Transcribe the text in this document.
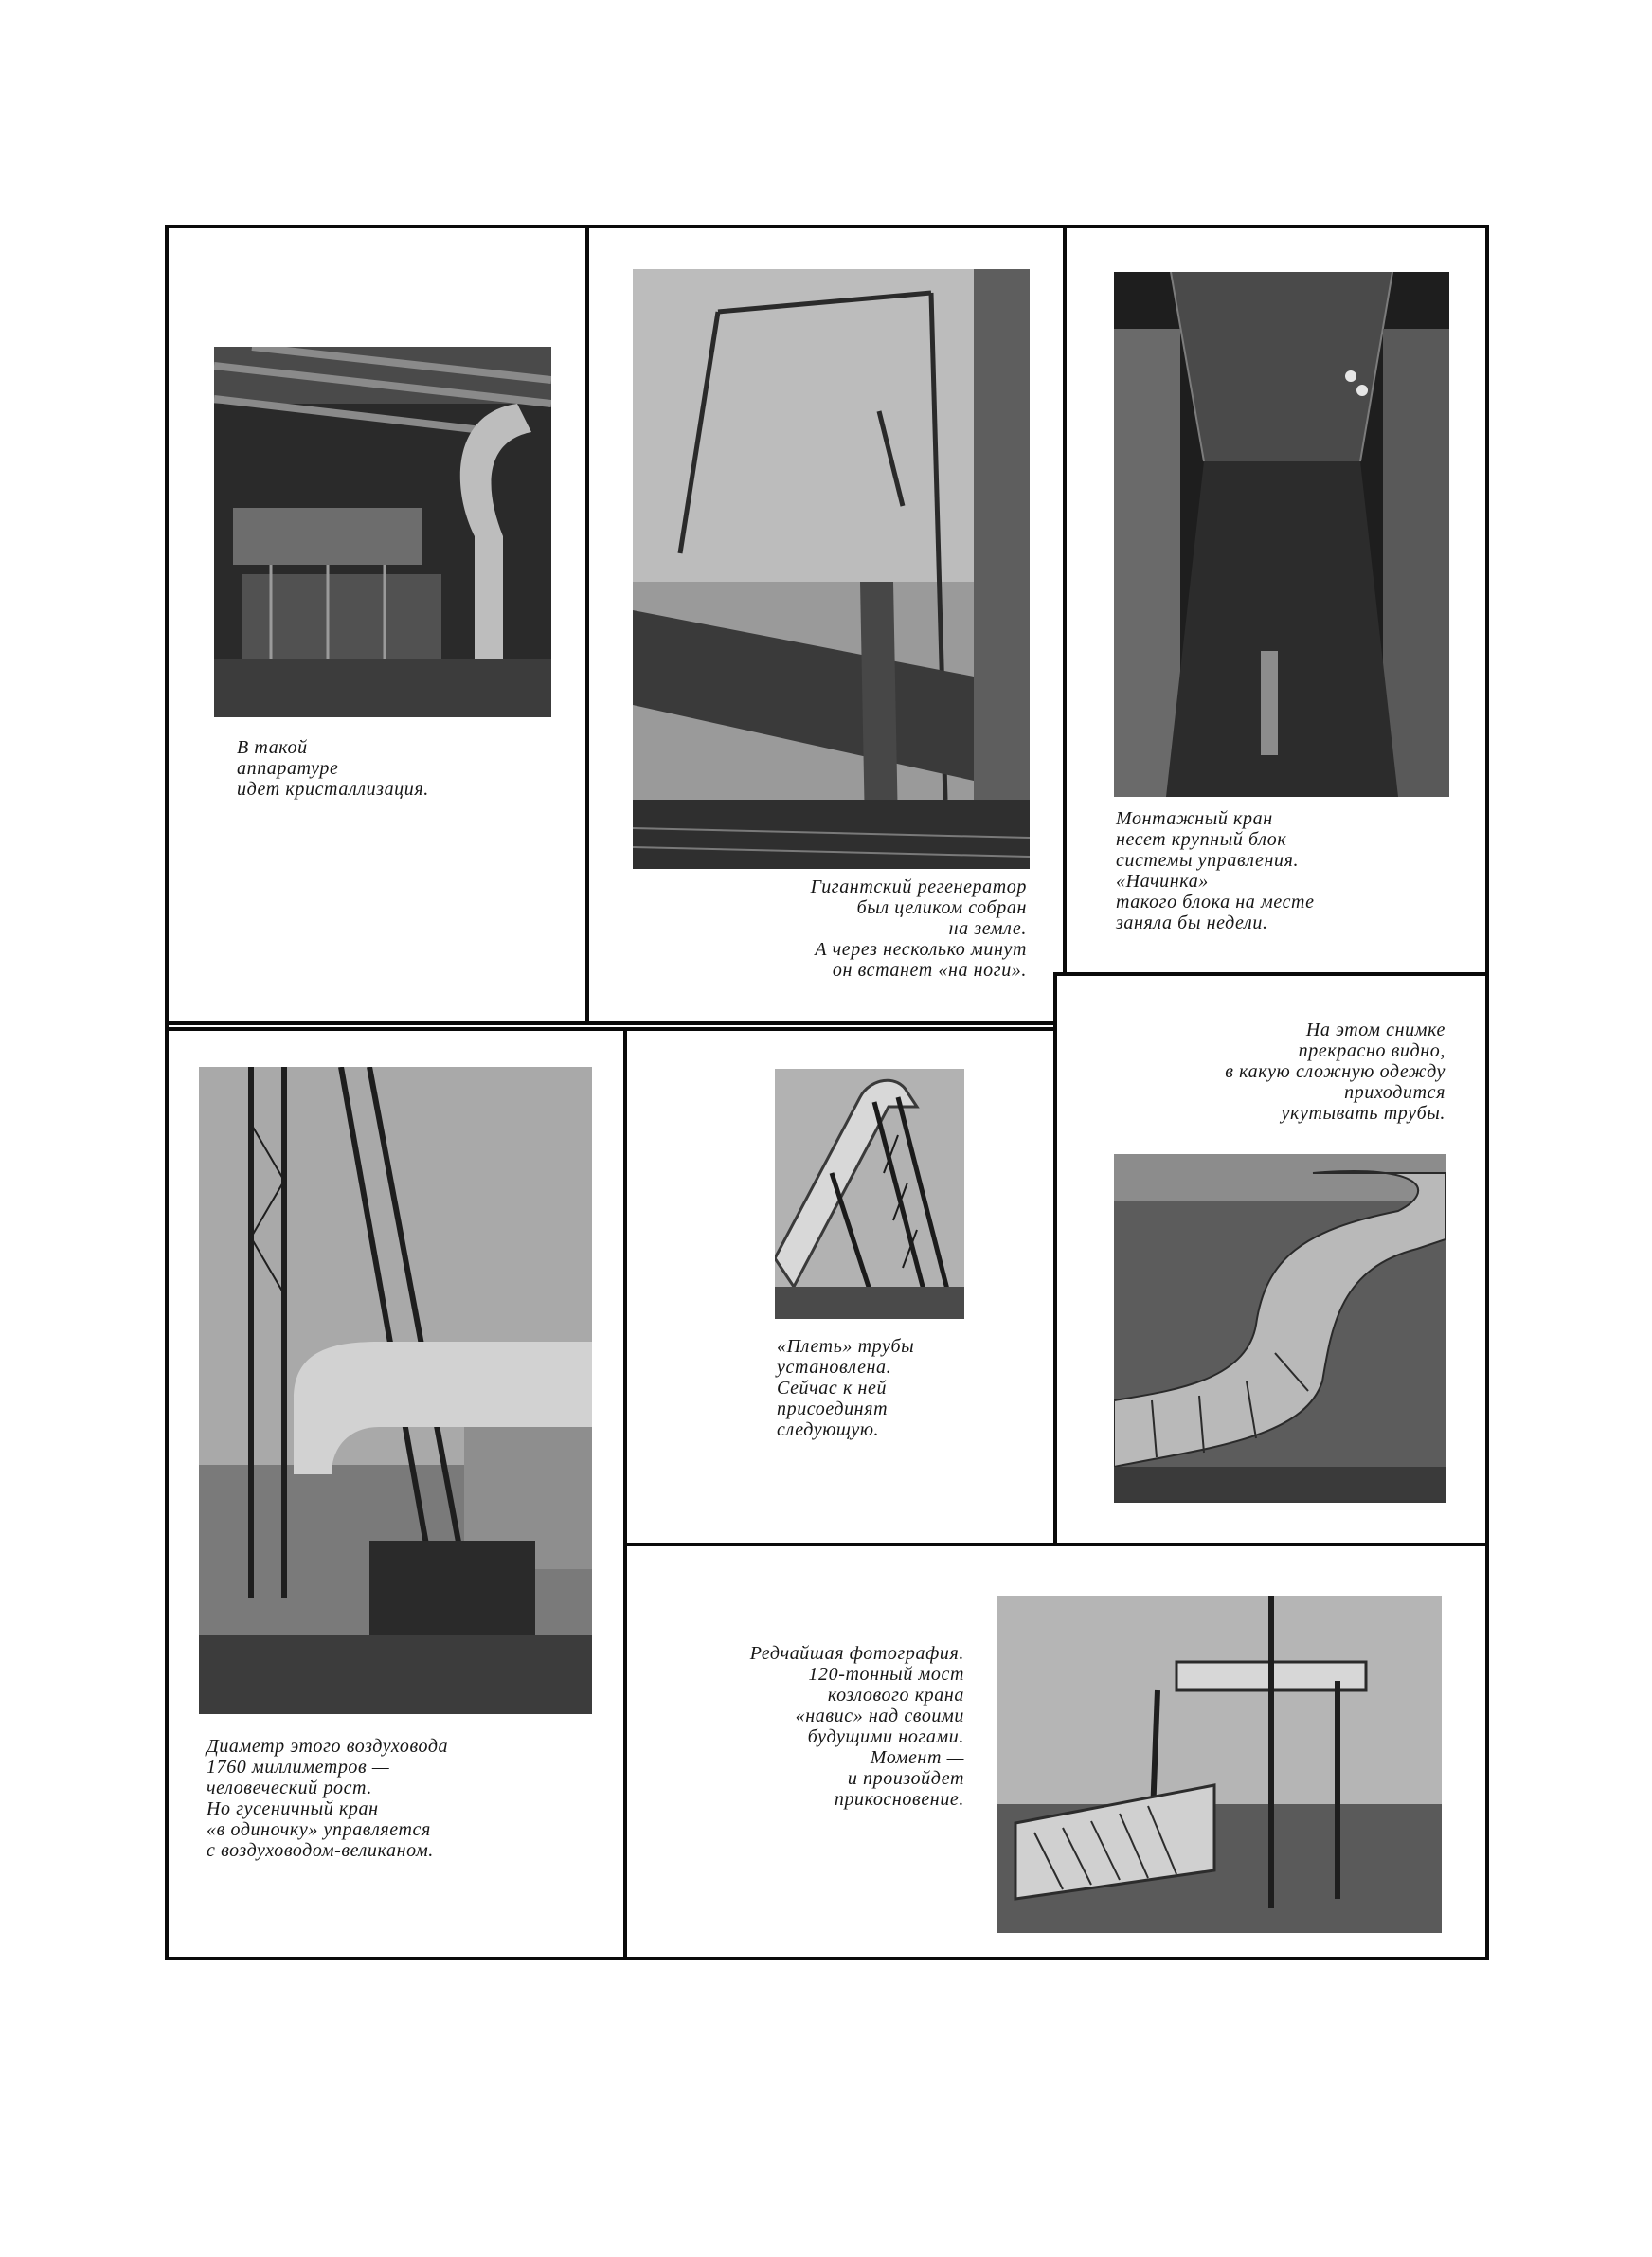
В такой
аппаратуре
идет кристаллизация.
Гигантский регенератор
был целиком собран
на земле.
А через несколько минут
он встанет «на ноги».
Монтажный кран
несет крупный блок
системы управления.
«Начинка»
такого блока на месте
заняла бы недели.
Диаметр этого воздуховода
1760 миллиметров —
человеческий рост.
Но гусеничный кран
«в одиночку» управляется
с воздуховодом-великаном.
«Плеть» трубы
установлена.
Сейчас к ней
присоединят
следующую.
На этом снимке
прекрасно видно,
в какую сложную одежду
приходится
укутывать трубы.
Редчайшая фотография.
120-тонный мост
козлового крана
«навис» над своими
будущими ногами.
Момент —
и произойдет
прикосновение.
